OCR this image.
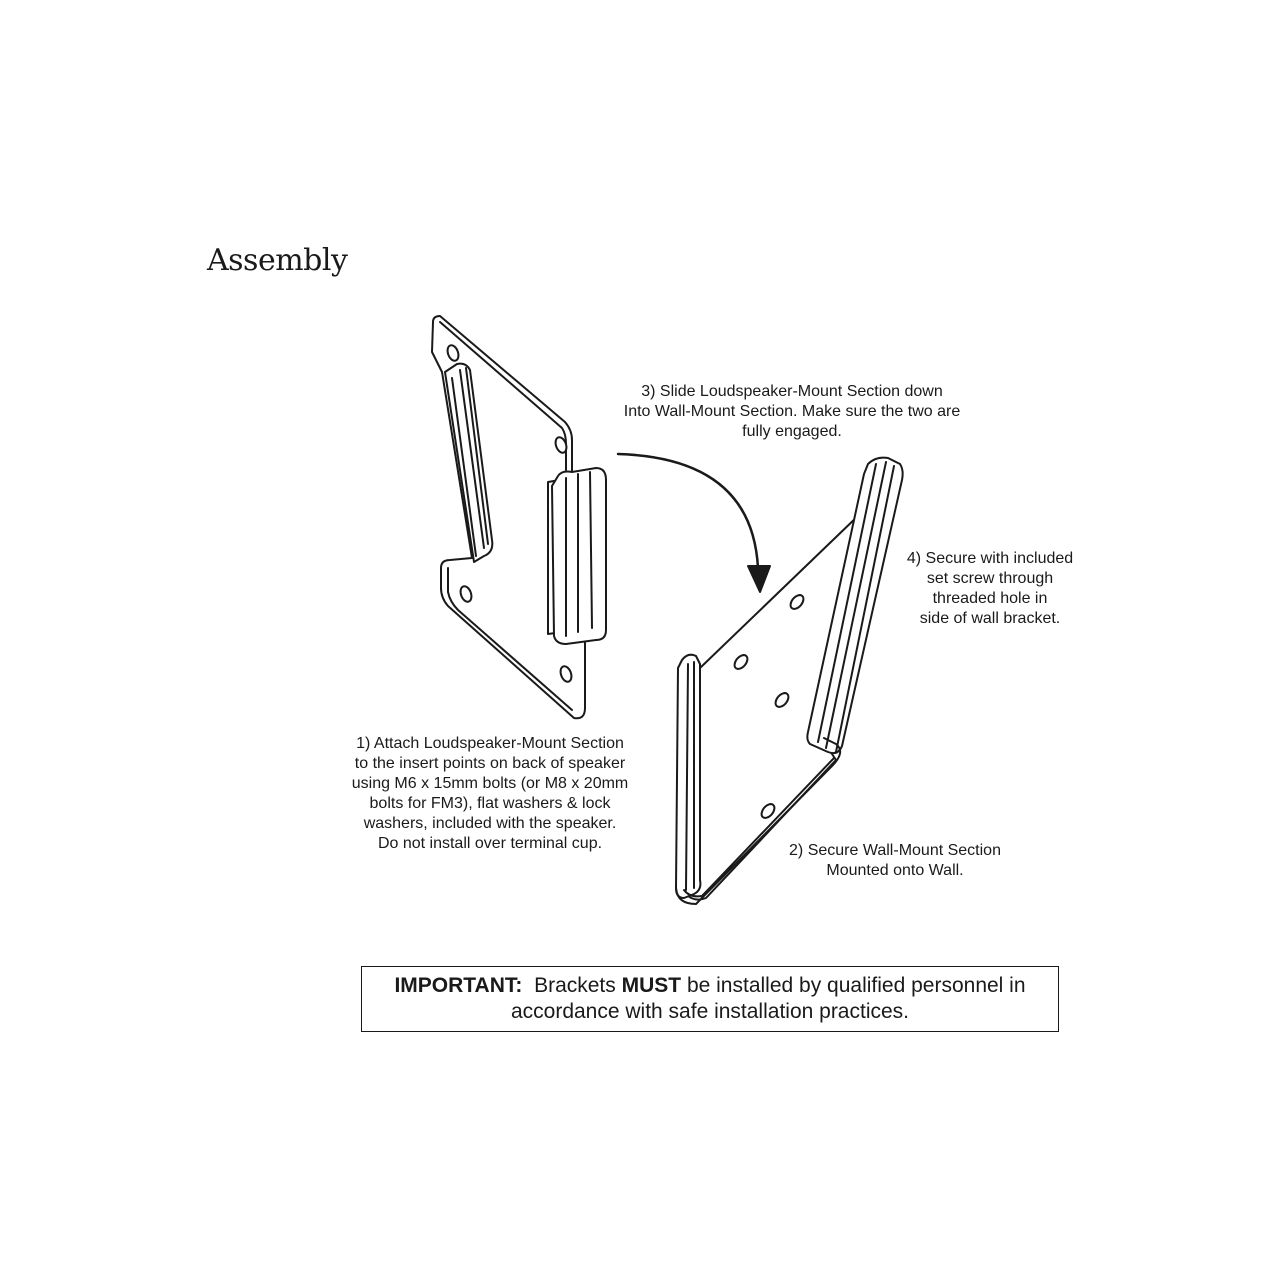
Assembly
3) Slide Loudspeaker-Mount Section down
Into Wall-Mount Section. Make sure the two are
fully engaged.
4) Secure with included
set screw through
threaded hole in
side of wall bracket.
1) Attach Loudspeaker-Mount Section
to the insert points on back of speaker
using M6 x 15mm bolts (or M8 x 20mm
bolts for FM3), flat washers & lock
washers, included with the speaker.
Do not install over terminal cup.	2) Secure Wall-Mount Section
Mounted onto Wall.
IMPORTANT: Brackets MUST be installed by qualified personnel in accordance with safe installation practices.
